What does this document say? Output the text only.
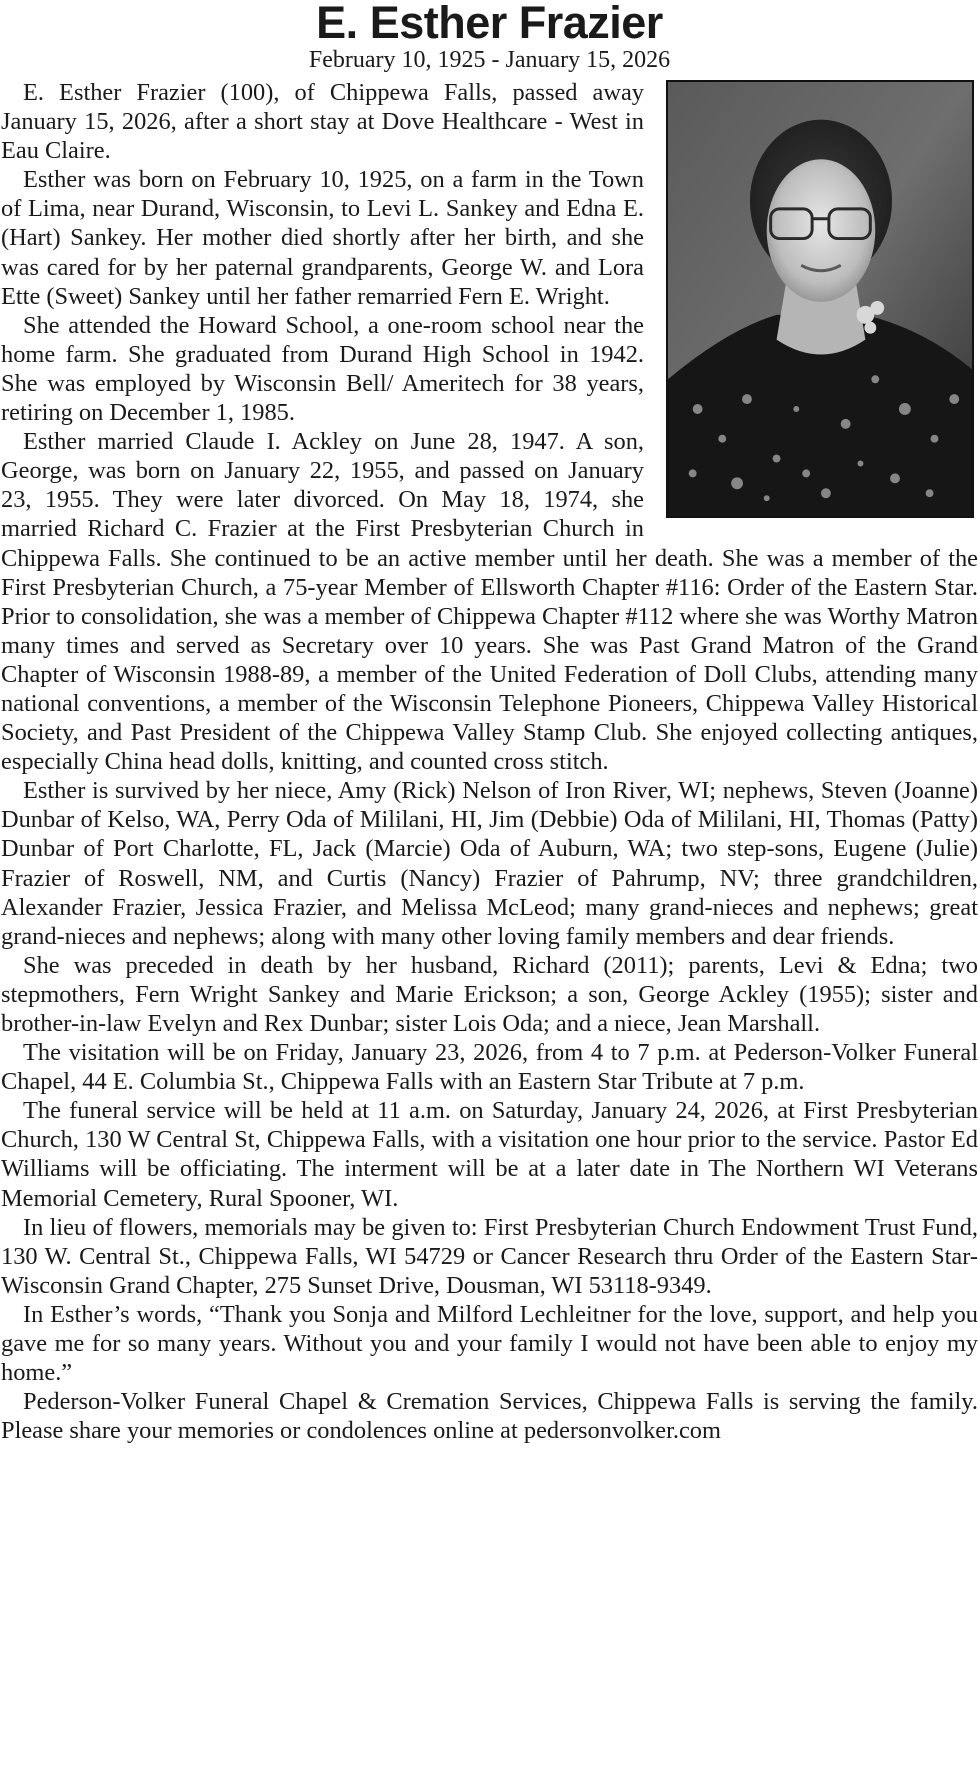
E. Esther Frazier
February 10, 1925 - January 15, 2026

E. Esther Frazier (100), of Chippewa Falls, passed away January 15, 2026, after a short stay at Dove Healthcare - West in Eau Claire.

Esther was born on February 10, 1925, on a farm in the Town of Lima, near Durand, Wisconsin, to Levi L. Sankey and Edna E. (Hart) Sankey. Her mother died shortly after her birth, and she was cared for by her paternal grandparents, George W. and Lora Ette (Sweet) Sankey until her father remarried Fern E. Wright.

She attended the Howard School, a one-room school near the home farm. She graduated from Durand High School in 1942. She was employed by Wisconsin Bell/ Ameritech for 38 years, retiring on December 1, 1985.

Esther married Claude I. Ackley on June 28, 1947. A son, George, was born on January 22, 1955, and passed on January 23, 1955. They were later divorced. On May 18, 1974, she married Richard C. Frazier at the First Presbyterian Church in Chippewa Falls. She continued to be an active member until her death. She was a member of the First Presbyterian Church, a 75-year Member of Ellsworth Chapter #116: Order of the Eastern Star. Prior to consolidation, she was a member of Chippewa Chapter #112 where she was Worthy Matron many times and served as Secretary over 10 years. She was Past Grand Matron of the Grand Chapter of Wisconsin 1988-89, a member of the United Federation of Doll Clubs, attending many national conventions, a member of the Wisconsin Telephone Pioneers, Chippewa Valley Historical Society, and Past President of the Chippewa Valley Stamp Club. She enjoyed collecting antiques, especially China head dolls, knitting, and counted cross stitch.

Esther is survived by her niece, Amy (Rick) Nelson of Iron River, WI; nephews, Steven (Joanne) Dunbar of Kelso, WA, Perry Oda of Mililani, HI, Jim (Debbie) Oda of Mililani, HI, Thomas (Patty) Dunbar of Port Charlotte, FL, Jack (Marcie) Oda of Auburn, WA; two step-sons, Eugene (Julie) Frazier of Roswell, NM, and Curtis (Nancy) Frazier of Pahrump, NV; three grandchildren, Alexander Frazier, Jessica Frazier, and Melissa McLeod; many grand-nieces and nephews; great grand-nieces and nephews; along with many other loving family members and dear friends.

She was preceded in death by her husband, Richard (2011); parents, Levi & Edna; two stepmothers, Fern Wright Sankey and Marie Erickson; a son, George Ackley (1955); sister and brother-in-law Evelyn and Rex Dunbar; sister Lois Oda; and a niece, Jean Marshall.

The visitation will be on Friday, January 23, 2026, from 4 to 7 p.m. at Pederson-Volker Funeral Chapel, 44 E. Columbia St., Chippewa Falls with an Eastern Star Tribute at 7 p.m.

The funeral service will be held at 11 a.m. on Saturday, January 24, 2026, at First Presbyterian Church, 130 W Central St, Chippewa Falls, with a visitation one hour prior to the service. Pastor Ed Williams will be officiating. The interment will be at a later date in The Northern WI Veterans Memorial Cemetery, Rural Spooner, WI.

In lieu of flowers, memorials may be given to: First Presbyterian Church Endowment Trust Fund, 130 W. Central St., Chippewa Falls, WI 54729 or Cancer Research thru Order of the Eastern Star- Wisconsin Grand Chapter, 275 Sunset Drive, Dousman, WI 53118-9349.

In Esther’s words, “Thank you Sonja and Milford Lechleitner for the love, support, and help you gave me for so many years. Without you and your family I would not have been able to enjoy my home.”

Pederson-Volker Funeral Chapel & Cremation Services, Chippewa Falls is serving the family. Please share your memories or condolences online at pedersonvolker.com
